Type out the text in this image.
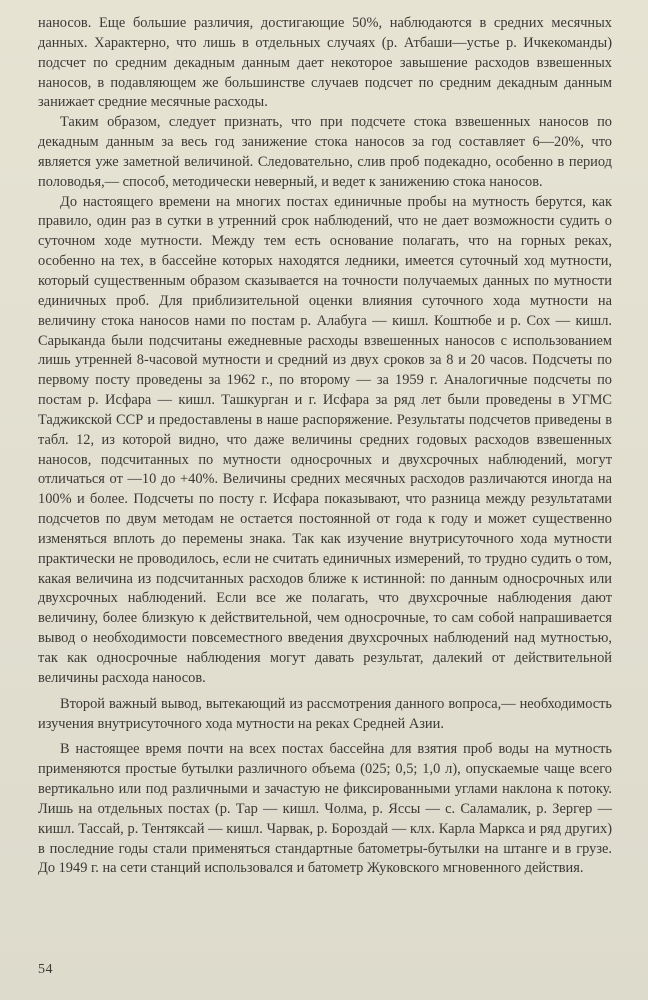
наносов. Еще большие различия, достигающие 50%, наблюдаются в средних месячных данных. Характерно, что лишь в отдельных случаях (р. Атбаши—устье р. Ичкекоманды) подсчет по средним декадным данным дает некоторое завышение расходов взвешенных наносов, в подавляющем же большинстве случаев подсчет по средним декадным данным занижает средние месячные расходы.

Таким образом, следует признать, что при подсчете стока взвешенных наносов по декадным данным за весь год занижение стока наносов за год составляет 6—20%, что является уже заметной величиной. Следовательно, слив проб подекадно, особенно в период половодья,— способ, методически неверный, и ведет к занижению стока наносов.

До настоящего времени на многих постах единичные пробы на мутность берутся, как правило, один раз в сутки в утренний срок наблюдений, что не дает возможности судить о суточном ходе мутности. Между тем есть основание полагать, что на горных реках, особенно на тех, в бассейне которых находятся ледники, имеется суточный ход мутности, который существенным образом сказывается на точности получаемых данных по мутности единичных проб. Для приблизительной оценки влияния суточного хода мутности на величину стока наносов нами по постам р. Алабуга — кишл. Коштюбе и р. Сох — кишл. Сарыканда были подсчитаны ежедневные расходы взвешенных наносов с использованием лишь утренней 8-часовой мутности и средний из двух сроков за 8 и 20 часов. Подсчеты по первому посту проведены за 1962 г., по второму — за 1959 г. Аналогичные подсчеты по постам р. Исфара — кишл. Ташкурган и г. Исфара за ряд лет были проведены в УГМС Таджикской ССР и предоставлены в наше распоряжение. Результаты подсчетов приведены в табл. 12, из которой видно, что даже величины средних годовых расходов взвешенных наносов, подсчитанных по мутности односрочных и двухсрочных наблюдений, могут отличаться от —10 до +40%. Величины средних месячных расходов различаются иногда на 100% и более. Подсчеты по посту г. Исфара показывают, что разница между результатами подсчетов по двум методам не остается постоянной от года к году и может существенно изменяться вплоть до перемены знака. Так как изучение внутрисуточного хода мутности практически не проводилось, если не считать единичных измерений, то трудно судить о том, какая величина из подсчитанных расходов ближе к истинной: по данным односрочных или двухсрочных наблюдений. Если все же полагать, что двухсрочные наблюдения дают величину, более близкую к действительной, чем односрочные, то сам собой напрашивается вывод о необходимости повсеместного введения двухсрочных наблюдений над мутностью, так как односрочные наблюдения могут давать результат, далекий от действительной величины расхода наносов.

Второй важный вывод, вытекающий из рассмотрения данного вопроса,— необходимость изучения внутрисуточного хода мутности на реках Средней Азии.

В настоящее время почти на всех постах бассейна для взятия проб воды на мутность применяются простые бутылки различного объема (025; 0,5; 1,0 л), опускаемые чаще всего вертикально или под различными и зачастую не фиксированными углами наклона к потоку. Лишь на отдельных постах (р. Тар — кишл. Чолма, р. Яссы — с. Саламалик, р. Зергер — кишл. Тассай, р. Тентяксай — кишл. Чарвак, р. Бороздай — клх. Карла Маркса и ряд других) в последние годы стали применяться стандартные батометры-бутылки на штанге и в грузе. До 1949 г. на сети станций использовался и батометр Жуковского мгновенного действия.

54
